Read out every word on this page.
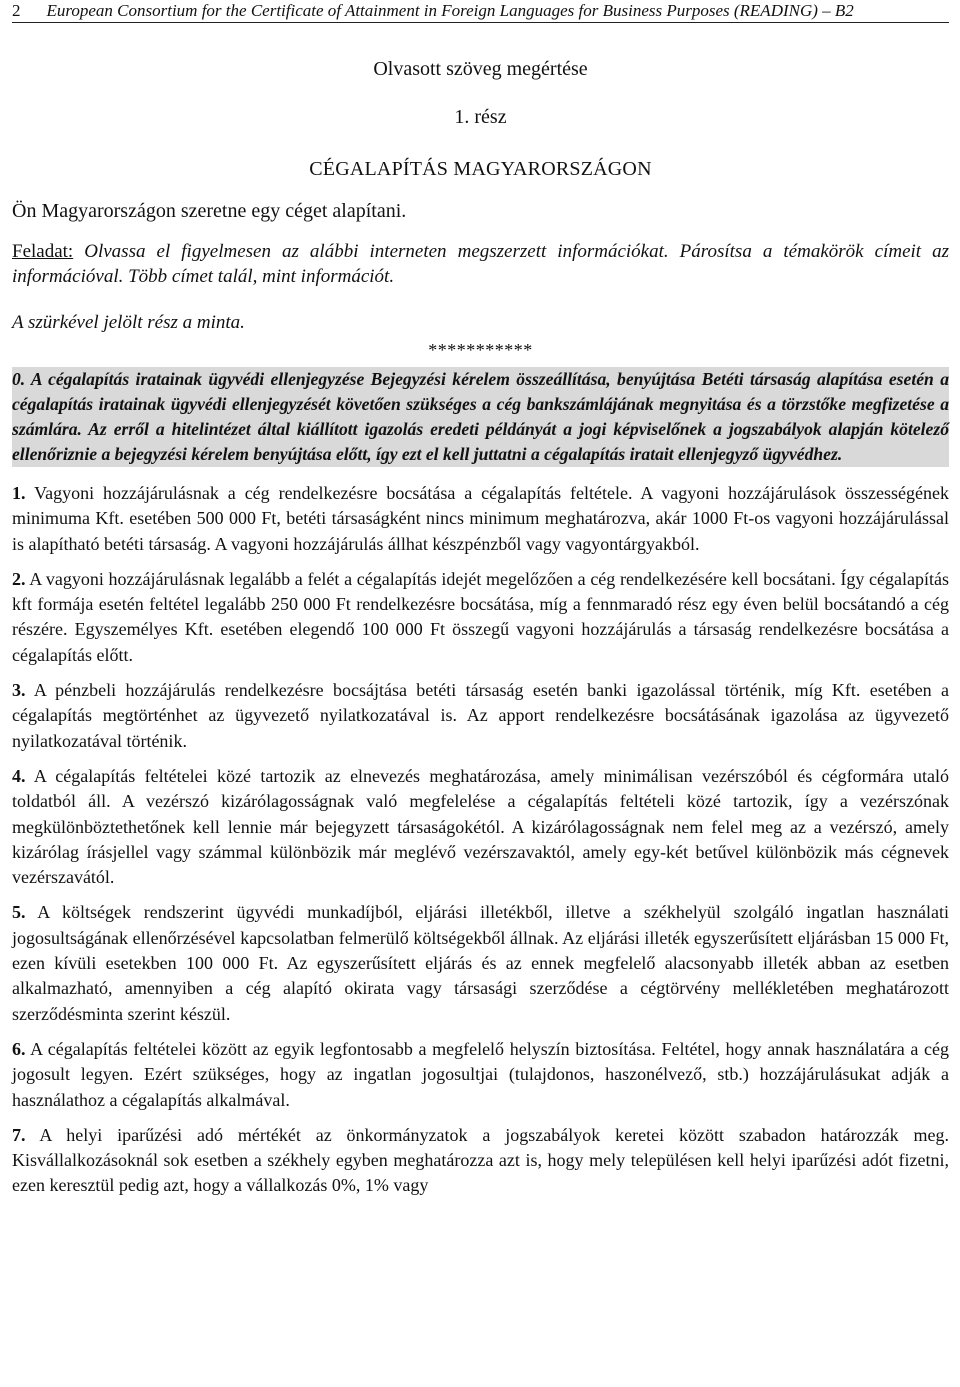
2 European Consortium for the Certificate of Attainment in Foreign Languages for Business Purposes (READING) – B2
Olvasott szöveg megértése
1. rész
CÉGALAPÍTÁS MAGYARORSZÁGON
Ön Magyarországon szeretne egy céget alapítani.
Feladat: Olvassa el figyelmesen az alábbi interneten megszerzett információkat. Párosítsa a témakörök címeit az információval. Több címet talál, mint információt.
A szürkével jelölt rész a minta.
***********
0. A cégalapítás iratainak ügyvédi ellenjegyzése Bejegyzési kérelem összeállítása, benyújtása Betéti társaság alapítása esetén a cégalapítás iratainak ügyvédi ellenjegyzését követően szükséges a cég bankszámlájának megnyitása és a törzstőke megfizetése a számlára. Az erről a hitelintézet által kiállított igazolás eredeti példányát a jogi képviselőnek a jogszabályok alapján kötelező ellenőriznie a bejegyzési kérelem benyújtása előtt, így ezt el kell juttatni a cégalapítás iratait ellenjegyző ügyvédhez.
1. Vagyoni hozzájárulásnak a cég rendelkezésre bocsátása a cégalapítás feltétele. A vagyoni hozzájárulások összességének minimuma Kft. esetében 500 000 Ft, betéti társaságként nincs minimum meghatározva, akár 1000 Ft-os vagyoni hozzájárulással is alapítható betéti társaság. A vagyoni hozzájárulás állhat készpénzből vagy vagyontárgyakból.
2. A vagyoni hozzájárulásnak legalább a felét a cégalapítás idejét megelőzően a cég rendelkezésére kell bocsátani. Így cégalapítás kft formája esetén feltétel legalább 250 000 Ft rendelkezésre bocsátása, míg a fennmaradó rész egy éven belül bocsátandó a cég részére. Egyszemélyes Kft. esetében elegendő 100 000 Ft összegű vagyoni hozzájárulás a társaság rendelkezésre bocsátása a cégalapítás előtt.
3. A pénzbeli hozzájárulás rendelkezésre bocsájtása betéti társaság esetén banki igazolással történik, míg Kft. esetében a cégalapítás megtörténhet az ügyvezető nyilatkozatával is. Az apport rendelkezésre bocsátásának igazolása az ügyvezető nyilatkozatával történik.
4. A cégalapítás feltételei közé tartozik az elnevezés meghatározása, amely minimálisan vezérszóból és cégformára utaló toldatból áll. A vezérszó kizárólagosságnak való megfelelése a cégalapítás feltételi közé tartozik, így a vezérszónak megkülönböztethetőnek kell lennie már bejegyzett társaságokétól. A kizárólagosságnak nem felel meg az a vezérszó, amely kizárólag írásjellel vagy számmal különbözik már meglévő vezérszavaktól, amely egy-két betűvel különbözik más cégnevek vezérszavától.
5. A költségek rendszerint ügyvédi munkadíjból, eljárási illetékből, illetve a székhelyül szolgáló ingatlan használati jogosultságának ellenőrzésével kapcsolatban felmerülő költségekből állnak. Az eljárási illeték egyszerűsített eljárásban 15 000 Ft, ezen kívüli esetekben 100 000 Ft. Az egyszerűsített eljárás és az ennek megfelelő alacsonyabb illeték abban az esetben alkalmazható, amennyiben a cég alapító okirata vagy társasági szerződése a cégtörvény mellékletében meghatározott szerződésminta szerint készül.
6. A cégalapítás feltételei között az egyik legfontosabb a megfelelő helyszín biztosítása. Feltétel, hogy annak használatára a cég jogosult legyen. Ezért szükséges, hogy az ingatlan jogosultjai (tulajdonos, haszonélvező, stb.) hozzájárulásukat adják a használathoz a cégalapítás alkalmával.
7. A helyi iparűzési adó mértékét az önkormányzatok a jogszabályok keretei között szabadon határozzák meg. Kisvállalkozásoknál sok esetben a székhely egyben meghatározza azt is, hogy mely településen kell helyi iparűzési adót fizetni, ezen keresztül pedig azt, hogy a vállalkozás 0%, 1% vagy
